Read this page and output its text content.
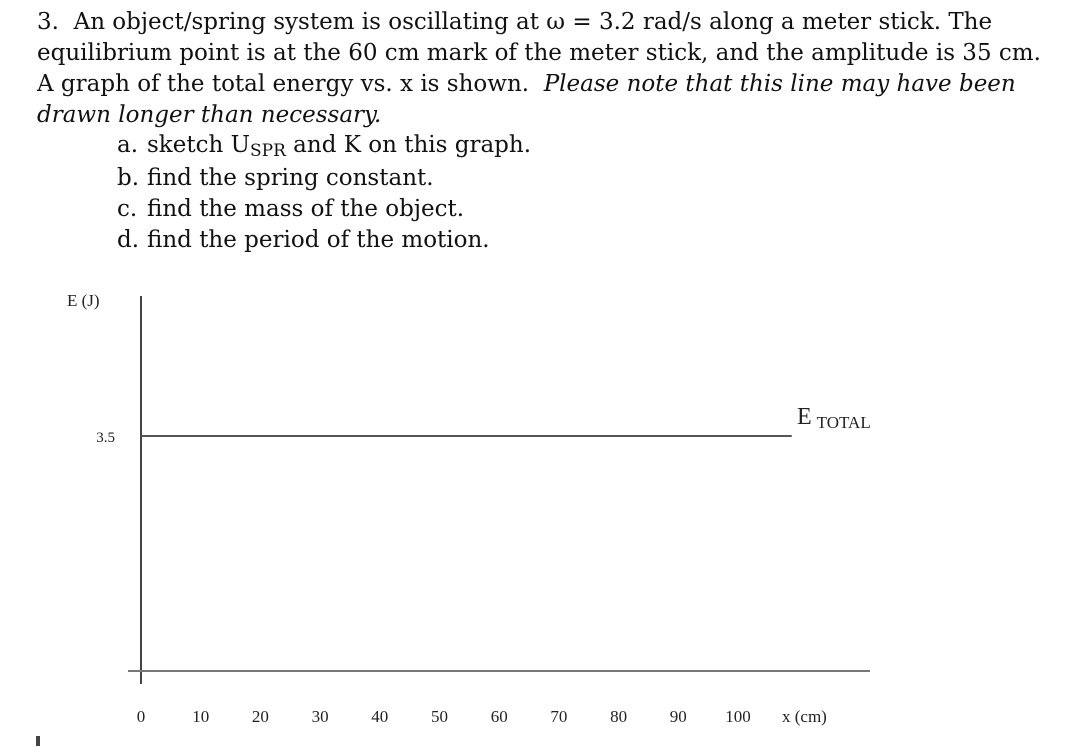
3. An object/spring system is oscillating at ω = 3.2 rad/s along a meter stick. The equilibrium point is at the 60 cm mark of the meter stick, and the amplitude is 35 cm. A graph of the total energy vs. x is shown. Please note that this line may have been drawn longer than necessary.

a. sketch USPR and K on this graph.
b. find the spring constant.
c. find the mass of the object.
d. find the period of the motion.
E (J)
x (cm)
0	10	20	30	40	50	60	70	80	90 100
3.5
E TOTAL
